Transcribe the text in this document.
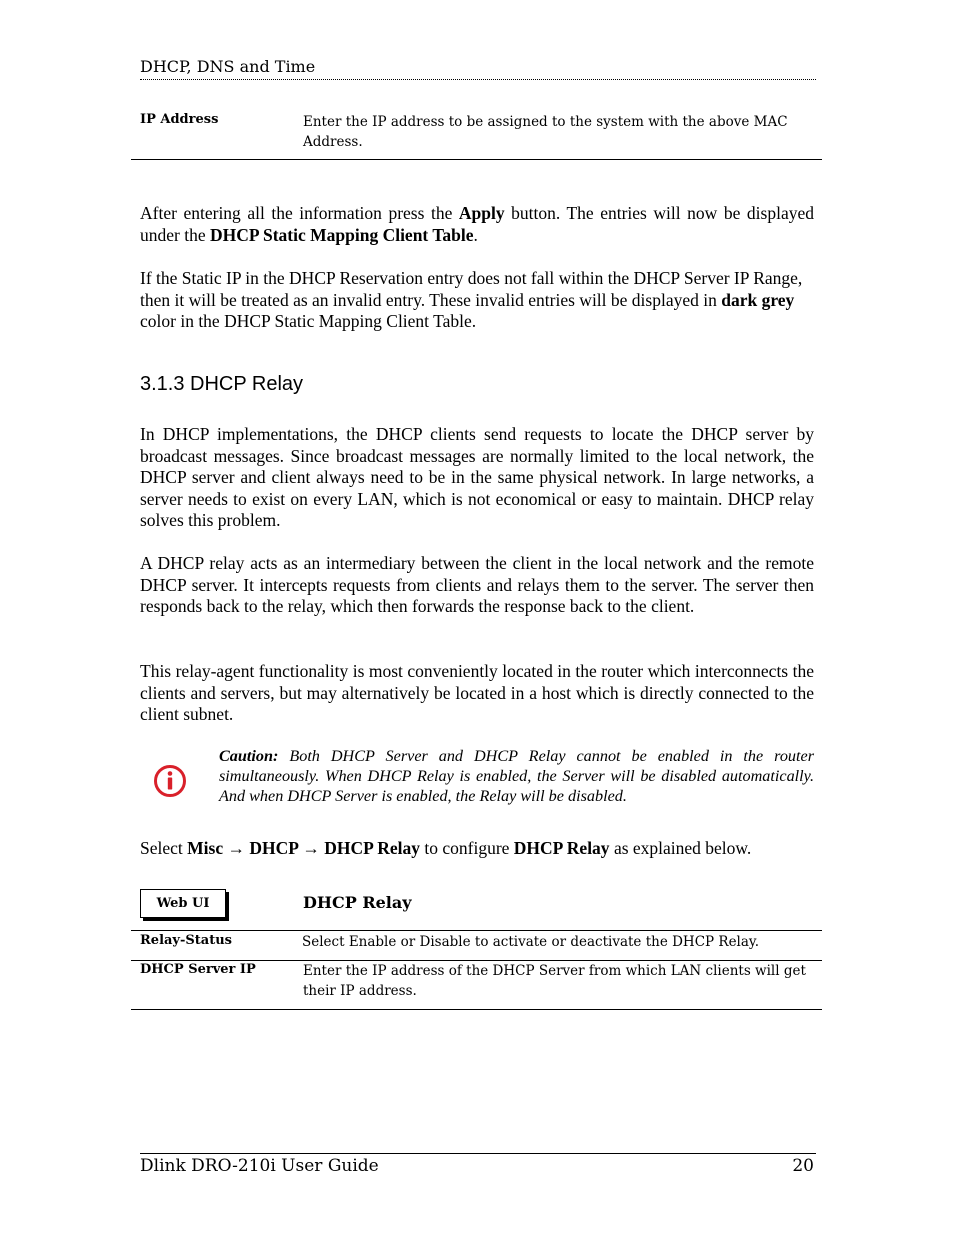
DHCP, DNS and Time
IP Address	Enter the IP address to be assigned to the system with the above MAC Address.
After entering all the information press the Apply button. The entries will now be displayed under the DHCP Static Mapping Client Table.
If the Static IP in the DHCP Reservation entry does not fall within the DHCP Server IP Range, then it will be treated as an invalid entry. These invalid entries will be displayed in dark grey color in the DHCP Static Mapping Client Table.
3.1.3 DHCP Relay
In DHCP implementations, the DHCP clients send requests to locate the DHCP server by broadcast messages. Since broadcast messages are normally limited to the local network, the DHCP server and client always need to be in the same physical network. In large networks, a server needs to exist on every LAN, which is not economical or easy to maintain. DHCP relay solves this problem.
A DHCP relay acts as an intermediary between the client in the local network and the remote DHCP server. It intercepts requests from clients and relays them to the server. The server then responds back to the relay, which then forwards the response back to the client.
This relay-agent functionality is most conveniently located in the router which interconnects the clients and servers, but may alternatively be located in a host which is directly connected to the client subnet.
Caution: Both DHCP Server and DHCP Relay cannot be enabled in the router simultaneously. When DHCP Relay is enabled, the Server will be disabled automatically. And when DHCP Server is enabled, the Relay will be disabled.
Select Misc → DHCP → DHCP Relay to configure DHCP Relay as explained below.
Web UI	DHCP Relay
Relay-Status	Select Enable or Disable to activate or deactivate the DHCP Relay.
DHCP Server IP	Enter the IP address of the DHCP Server from which LAN clients will get their IP address.
Dlink DRO-210i User Guide	20
